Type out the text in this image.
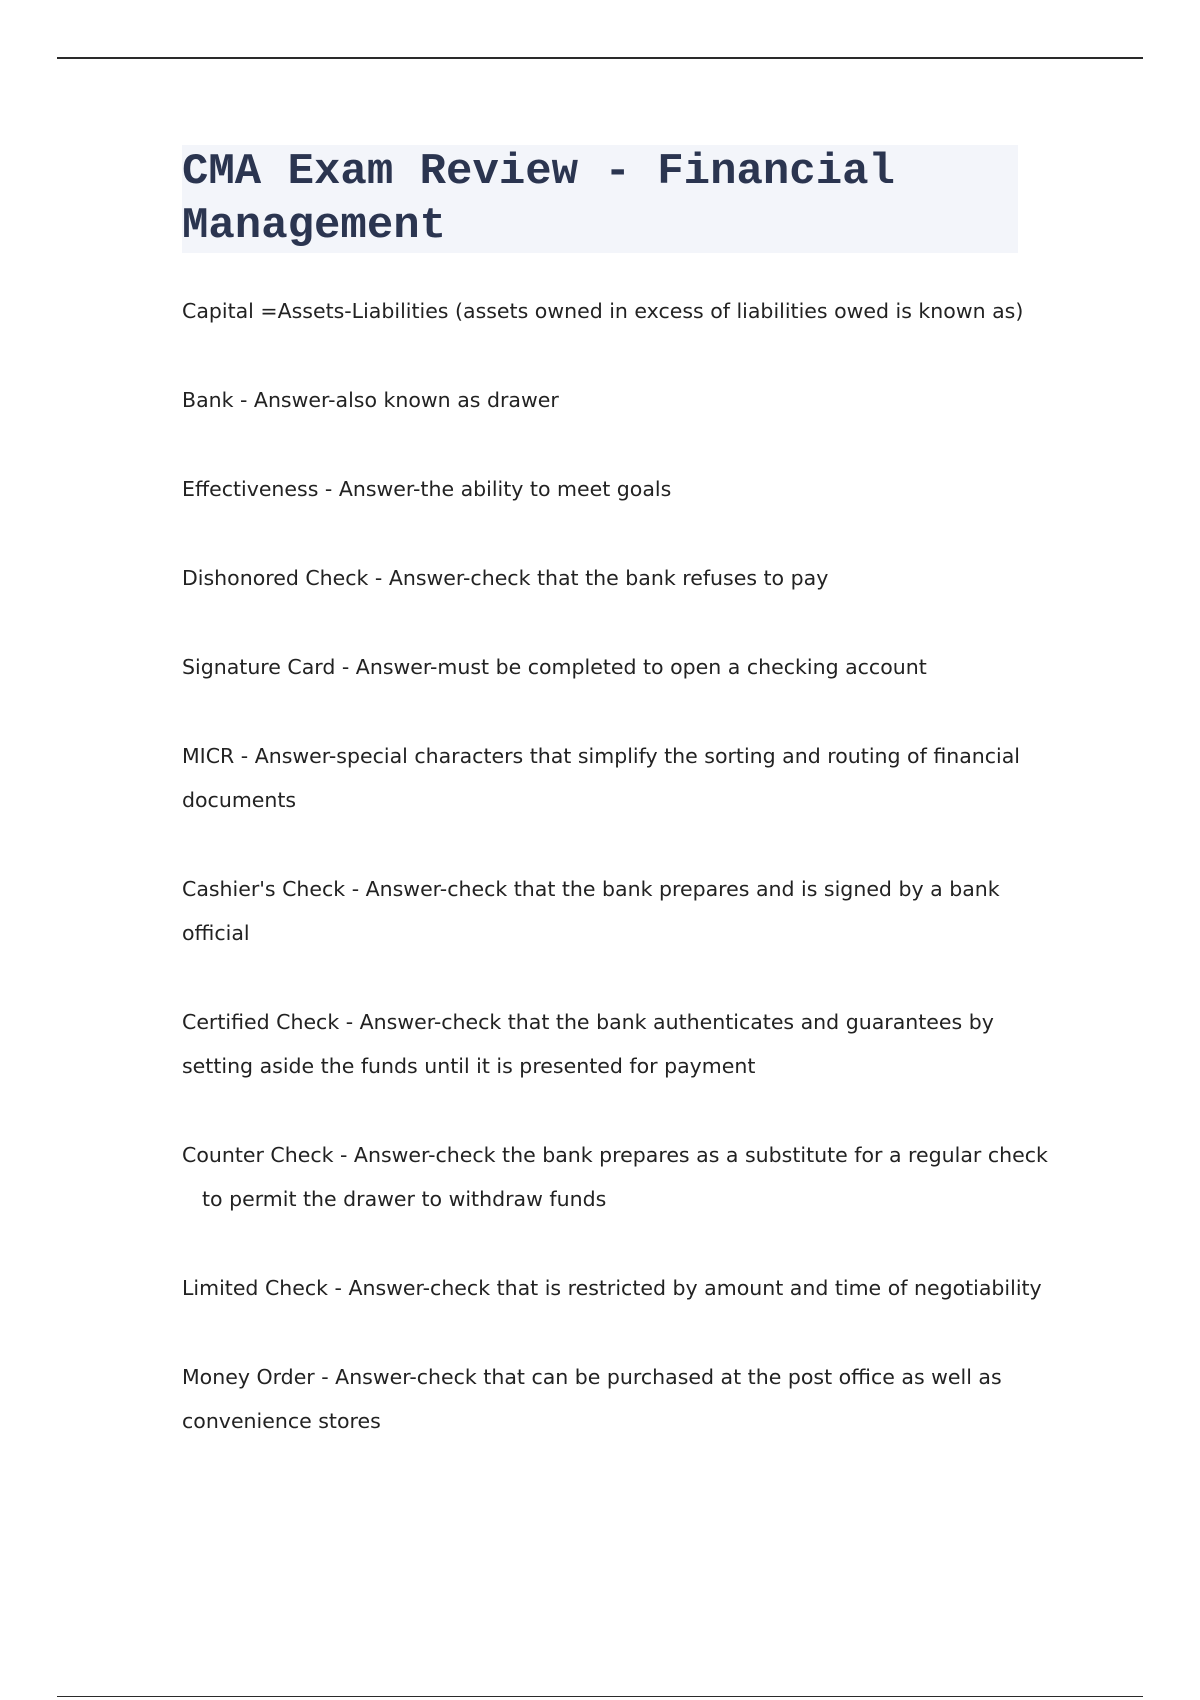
CMA Exam Review - Financial
Management
Capital =Assets-Liabilities (assets owned in excess of liabilities owed is known as)
Bank - Answer-also known as drawer
Effectiveness - Answer-the ability to meet goals
Dishonored Check - Answer-check that the bank refuses to pay
Signature Card - Answer-must be completed to open a checking account
MICR - Answer-special characters that simplify the sorting and routing of financial
documents
Cashier's Check - Answer-check that the bank prepares and is signed by a bank
official
Certified Check - Answer-check that the bank authenticates and guarantees by
setting aside the funds until it is presented for payment
Counter Check - Answer-check the bank prepares as a substitute for a regular check
to permit the drawer to withdraw funds
Limited Check - Answer-check that is restricted by amount and time of negotiability
Money Order - Answer-check that can be purchased at the post office as well as
convenience stores
